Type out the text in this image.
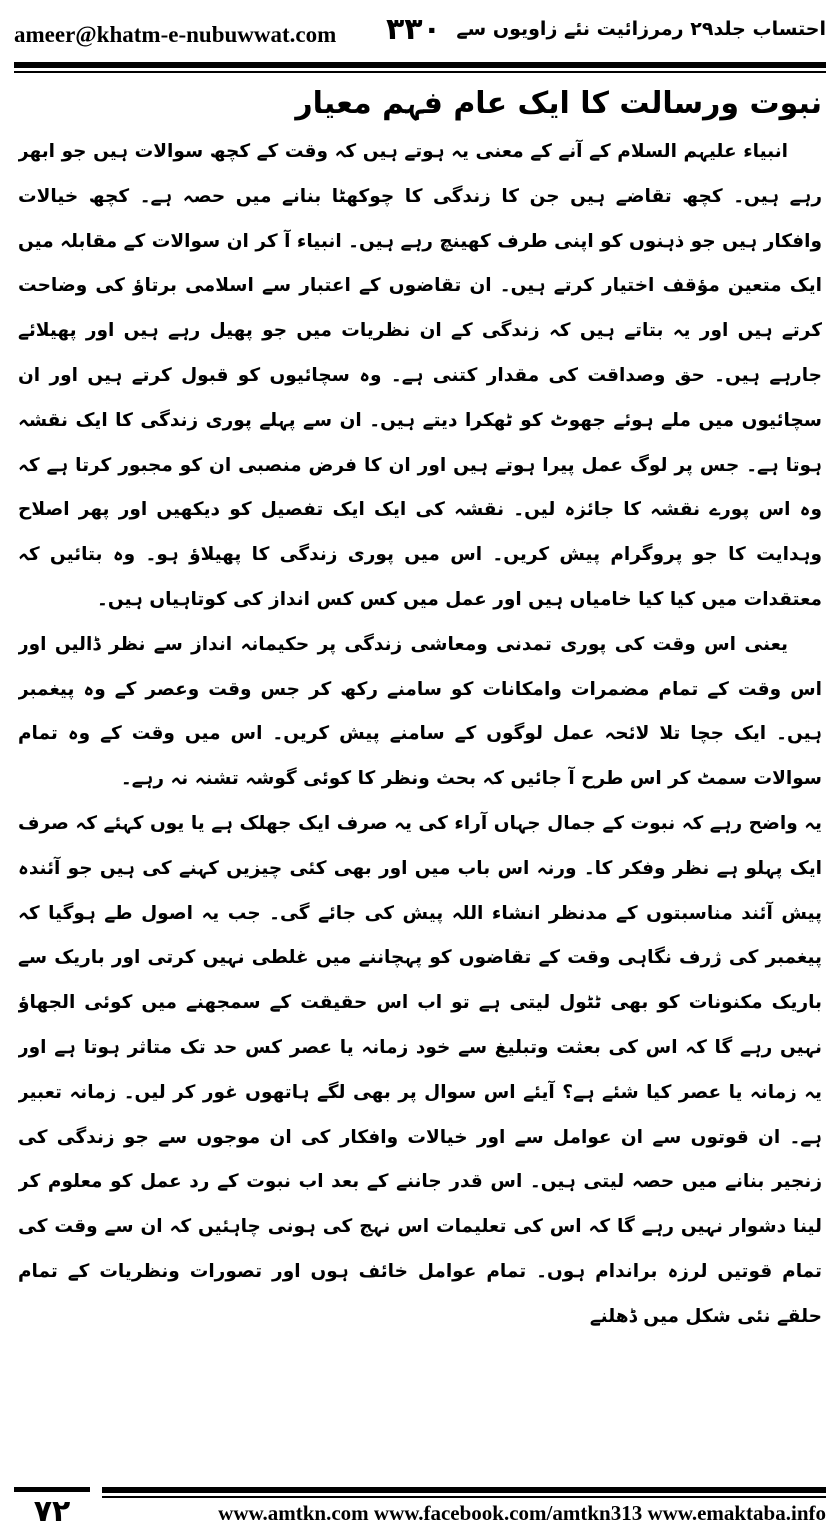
ameer@khatm-e-nubuwwat.com ۳۳۰ احتساب جلد۲۹ رمرزائیت نئے زاویوں سے
نبوت ورسالت کا ایک عام فہم معیار

انبیاء علیہم السلام کے آنے کے معنی یہ ہوتے ہیں کہ وقت کے کچھ سوالات ہیں جو ابھر رہے ہیں۔ کچھ تقاضے ہیں جن کا زندگی کا چوکھٹا بنانے میں حصہ ہے۔ کچھ خیالات وافکار ہیں جو ذہنوں کو اپنی طرف کھینچ رہے ہیں۔ انبیاء آ کر ان سوالات کے مقابلہ میں ایک متعین مؤقف اختیار کرتے ہیں۔ ان تقاضوں کے اعتبار سے اسلامی برتاؤ کی وضاحت کرتے ہیں اور یہ بتاتے ہیں کہ زندگی کے ان نظریات میں جو پھیل رہے ہیں اور پھیلائے جارہے ہیں۔ حق وصداقت کی مقدار کتنی ہے۔ وہ سچائیوں کو قبول کرتے ہیں اور ان سچائیوں میں ملے ہوئے جھوٹ کو ٹھکرا دیتے ہیں۔ ان سے پہلے پوری زندگی کا ایک نقشہ ہوتا ہے۔ جس پر لوگ عمل پیرا ہوتے ہیں اور ان کا فرض منصبی ان کو مجبور کرتا ہے کہ وہ اس پورے نقشہ کا جائزہ لیں۔ نقشہ کی ایک ایک تفصیل کو دیکھیں اور پھر اصلاح وہدایت کا جو پروگرام پیش کریں۔ اس میں پوری زندگی کا پھیلاؤ ہو۔ وہ بتائیں کہ معتقدات میں کیا کیا خامیاں ہیں اور عمل میں کس کس انداز کی کوتاہیاں ہیں۔

یعنی اس وقت کی پوری تمدنی ومعاشی زندگی پر حکیمانہ انداز سے نظر ڈالیں اور اس وقت کے تمام مضمرات وامکانات کو سامنے رکھ کر جس وقت وعصر کے وہ پیغمبر ہیں۔ ایک جچا تلا لائحہ عمل لوگوں کے سامنے پیش کریں۔ اس میں وقت کے وہ تمام سوالات سمٹ کر اس طرح آ جائیں کہ بحث ونظر کا کوئی گوشہ تشنہ نہ رہے۔

یہ واضح رہے کہ نبوت کے جمال جہاں آراء کی یہ صرف ایک جھلک ہے یا یوں کہئے کہ صرف ایک پہلو ہے نظر وفکر کا۔ ورنہ اس باب میں اور بھی کئی چیزیں کہنے کی ہیں جو آئندہ پیش آئند مناسبتوں کے مدنظر انشاء اللہ پیش کی جائے گی۔ جب یہ اصول طے ہوگیا کہ پیغمبر کی ژرف نگاہی وقت کے تقاضوں کو پہچاننے میں غلطی نہیں کرتی اور باریک سے باریک مکنونات کو بھی ٹٹول لیتی ہے تو اب اس حقیقت کے سمجھنے میں کوئی الجھاؤ نہیں رہے گا کہ اس کی بعثت وتبلیغ سے خود زمانہ یا عصر کس حد تک متاثر ہوتا ہے اور یہ زمانہ یا عصر کیا شئے ہے؟ آیئے اس سوال پر بھی لگے ہاتھوں غور کر لیں۔ زمانہ تعبیر ہے۔ ان قوتوں سے ان عوامل سے اور خیالات وافکار کی ان موجوں سے جو زندگی کی زنجیر بنانے میں حصہ لیتی ہیں۔ اس قدر جاننے کے بعد اب نبوت کے رد عمل کو معلوم کر لینا دشوار نہیں رہے گا کہ اس کی تعلیمات اس نہج کی ہونی چاہئیں کہ ان سے وقت کی تمام قوتیں لرزہ براندام ہوں۔ تمام عوامل خائف ہوں اور تصورات ونظریات کے تمام حلقے نئی شکل میں ڈھلنے

۷۲	www.amtkn.com www.facebook.com/amtkn313 www.emaktaba.info
